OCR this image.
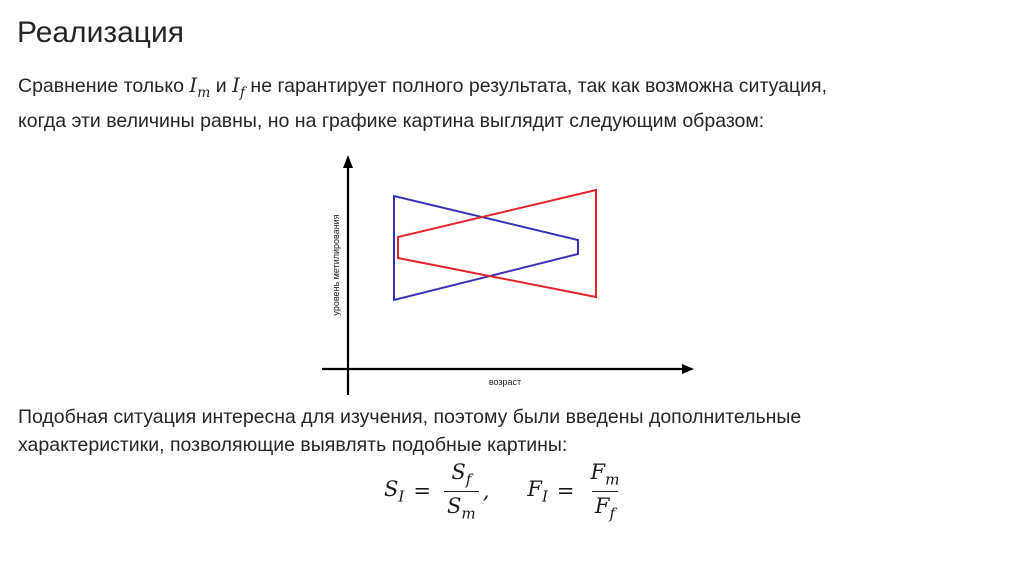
Реализация
Сравнение только $I_m$ и $I_f$ не гарантирует полного результата, так как возможна ситуация,
когда эти величины равны, но на графике картина выглядит следующим образом:
возраст
уровень метилирования
Подобная ситуация интересна для изучения, поэтому были введены дополнительные
характеристики, позволяющие выявлять подобные картины:
$S_I = \frac{S_f}{S_m}$ , $F_I = \frac{F_m}{F_f}$
